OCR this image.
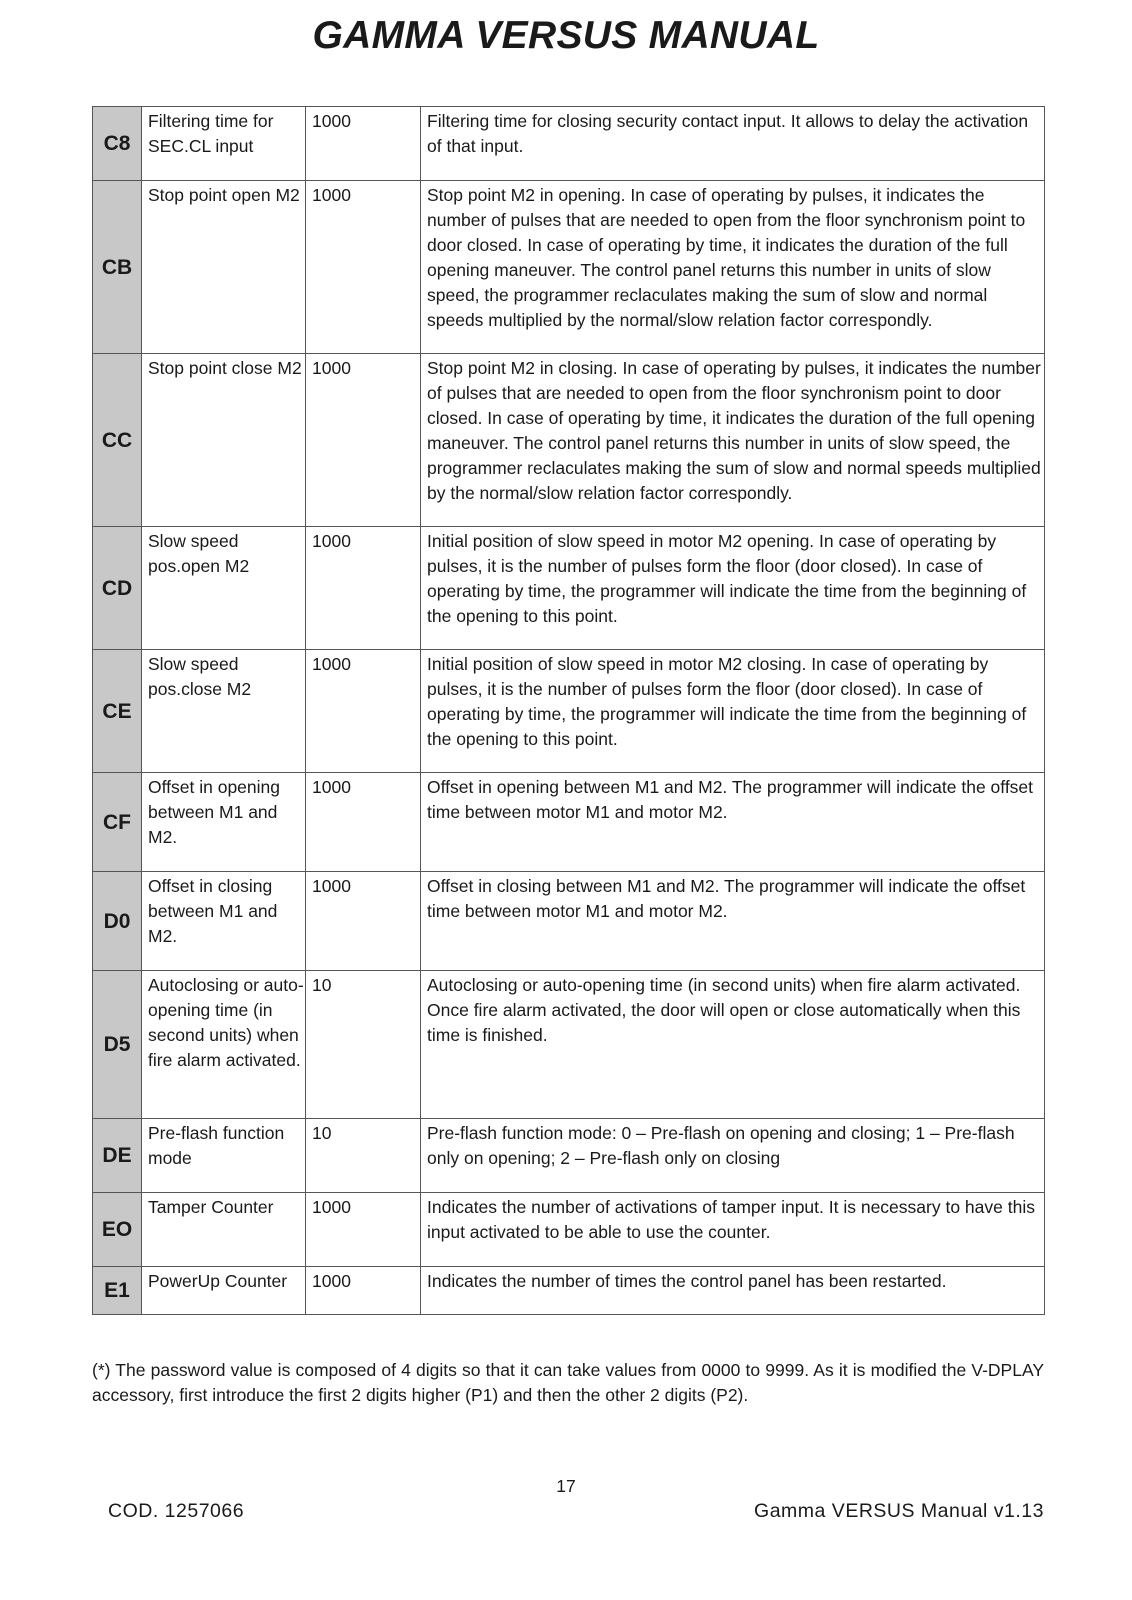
GAMMA VERSUS MANUAL
C8	Filtering time for SEC.CL input	1000	Filtering time for closing security contact input. It allows to delay the activation of that input.
CB	Stop point open M2	1000	Stop point M2 in opening. In case of operating by pulses, it indicates the number of pulses that are needed to open from the floor synchronism point to door closed. In case of operating by time, it indicates the duration of the full opening maneuver. The control panel returns this number in units of slow speed, the programmer reclaculates making the sum of slow and normal speeds multiplied by the normal/slow relation factor correspondly.
CC	Stop point close M2	1000	Stop point M2 in closing. In case of operating by pulses, it indicates the number of pulses that are needed to open from the floor synchronism point to door closed. In case of operating by time, it indicates the duration of the full opening maneuver. The control panel returns this number in units of slow speed, the programmer reclaculates making the sum of slow and normal speeds multiplied by the normal/slow relation factor correspondly.
CD	Slow speed pos.open M2	1000	Initial position of slow speed in motor M2 opening. In case of operating by pulses, it is the number of pulses form the floor (door closed). In case of operating by time, the programmer will indicate the time from the beginning of the opening to this point.
CE	Slow speed pos.close M2	1000	Initial position of slow speed in motor M2 closing. In case of operating by pulses, it is the number of pulses form the floor (door closed). In case of operating by time, the programmer will indicate the time from the beginning of the opening to this point.
CF	Offset in opening between M1 and M2.	1000	Offset in opening between M1 and M2. The programmer will indicate the offset time between motor M1 and motor M2.
D0	Offset in closing between M1 and M2.	1000	Offset in closing between M1 and M2. The programmer will indicate the offset time between motor M1 and motor M2.
D5	Autoclosing or auto-opening time (in second units) when fire alarm activated.	10	Autoclosing or auto-opening time (in second units) when fire alarm activated. Once fire alarm activated, the door will open or close automatically when this time is finished.
DE	Pre-flash function mode	10	Pre-flash function mode: 0 – Pre-flash on opening and closing; 1 – Pre-flash only on opening; 2 – Pre-flash only on closing
EO	Tamper Counter	1000	Indicates the number of activations of tamper input. It is necessary to have this input activated to be able to use the counter.
E1	PowerUp Counter	1000	Indicates the number of times the control panel has been restarted.
(*) The password value is composed of 4 digits so that it can take values from 0000 to 9999. As it is modified the V-DPLAY accessory, first introduce the first 2 digits higher (P1) and then the other 2 digits (P2).
17
COD. 1257066	Gamma VERSUS Manual v1.13
